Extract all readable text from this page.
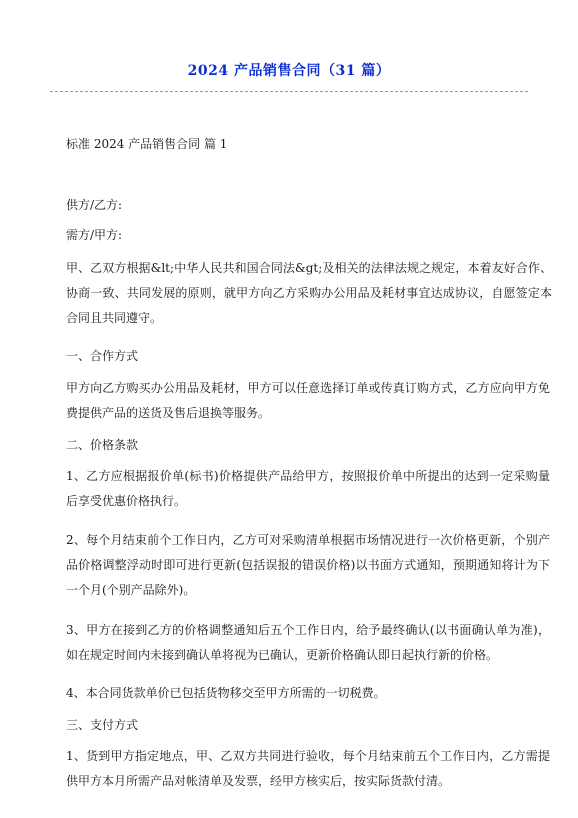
2024 产品销售合同（31 篇）

标准 2024 产品销售合同 篇 1

供方/乙方:

需方/甲方:

甲、乙双方根据&lt;中华人民共和国合同法&gt;及相关的法律法规之规定，本着友好合作、协商一致、共同发展的原则，就甲方向乙方采购办公用品及耗材事宜达成协议，自愿签定本合同且共同遵守。

一、合作方式

甲方向乙方购买办公用品及耗材，甲方可以任意选择订单或传真订购方式，乙方应向甲方免费提供产品的送货及售后退换等服务。

二、价格条款

1、乙方应根据报价单(标书)价格提供产品给甲方，按照报价单中所提出的达到一定采购量后享受优惠价格执行。

2、每个月结束前个工作日内，乙方可对采购清单根据市场情况进行一次价格更新，个别产品价格调整浮动时即可进行更新(包括误报的错误价格)以书面方式通知，预期通知将计为下一个月(个别产品除外)。

3、甲方在接到乙方的价格调整通知后五个工作日内，给予最终确认(以书面确认单为准)，如在规定时间内未接到确认单将视为已确认，更新价格确认即日起执行新的价格。

4、本合同货款单价已包括货物移交至甲方所需的一切税费。

三、支付方式

1、货到甲方指定地点，甲、乙双方共同进行验收，每个月结束前五个工作日内，乙方需提供甲方本月所需产品对帐清单及发票，经甲方核实后，按实际货款付清。
